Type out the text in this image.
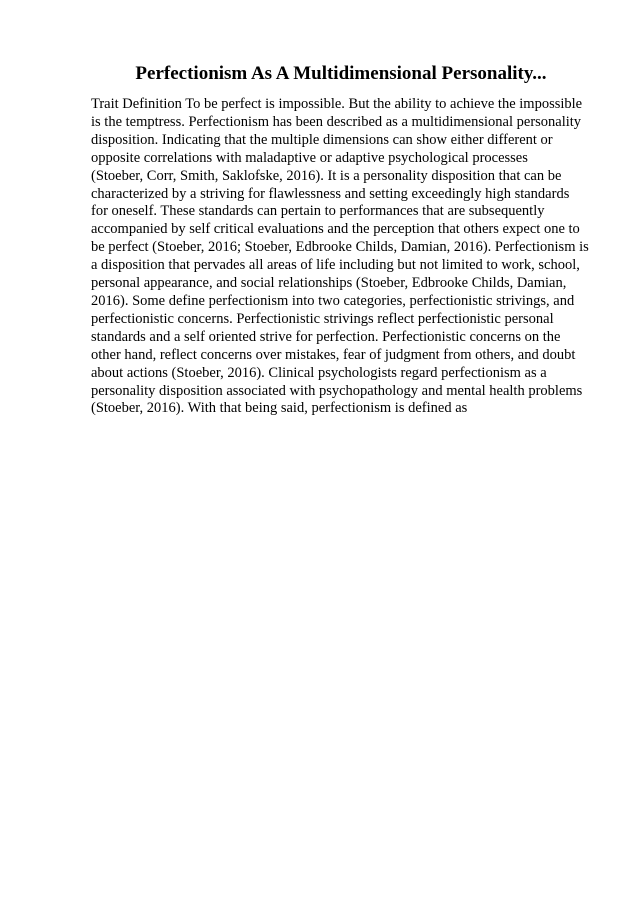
Perfectionism As A Multidimensional Personality...
Trait Definition To be perfect is impossible. But the ability to achieve the impossible
is the temptress. Perfectionism has been described as a multidimensional personality
disposition. Indicating that the multiple dimensions can show either different or
opposite correlations with maladaptive or adaptive psychological processes
(Stoeber, Corr, Smith, Saklofske, 2016). It is a personality disposition that can be
characterized by a striving for flawlessness and setting exceedingly high standards
for oneself. These standards can pertain to performances that are subsequently
accompanied by self critical evaluations and the perception that others expect one to
be perfect (Stoeber, 2016; Stoeber, Edbrooke Childs, Damian, 2016). Perfectionism is
a disposition that pervades all areas of life including but not limited to work, school,
personal appearance, and social relationships (Stoeber, Edbrooke Childs, Damian,
2016). Some define perfectionism into two categories, perfectionistic strivings, and
perfectionistic concerns. Perfectionistic strivings reflect perfectionistic personal
standards and a self oriented strive for perfection. Perfectionistic concerns on the
other hand, reflect concerns over mistakes, fear of judgment from others, and doubt
about actions (Stoeber, 2016). Clinical psychologists regard perfectionism as a
personality disposition associated with psychopathology and mental health problems
(Stoeber, 2016). With that being said, perfectionism is defined as
